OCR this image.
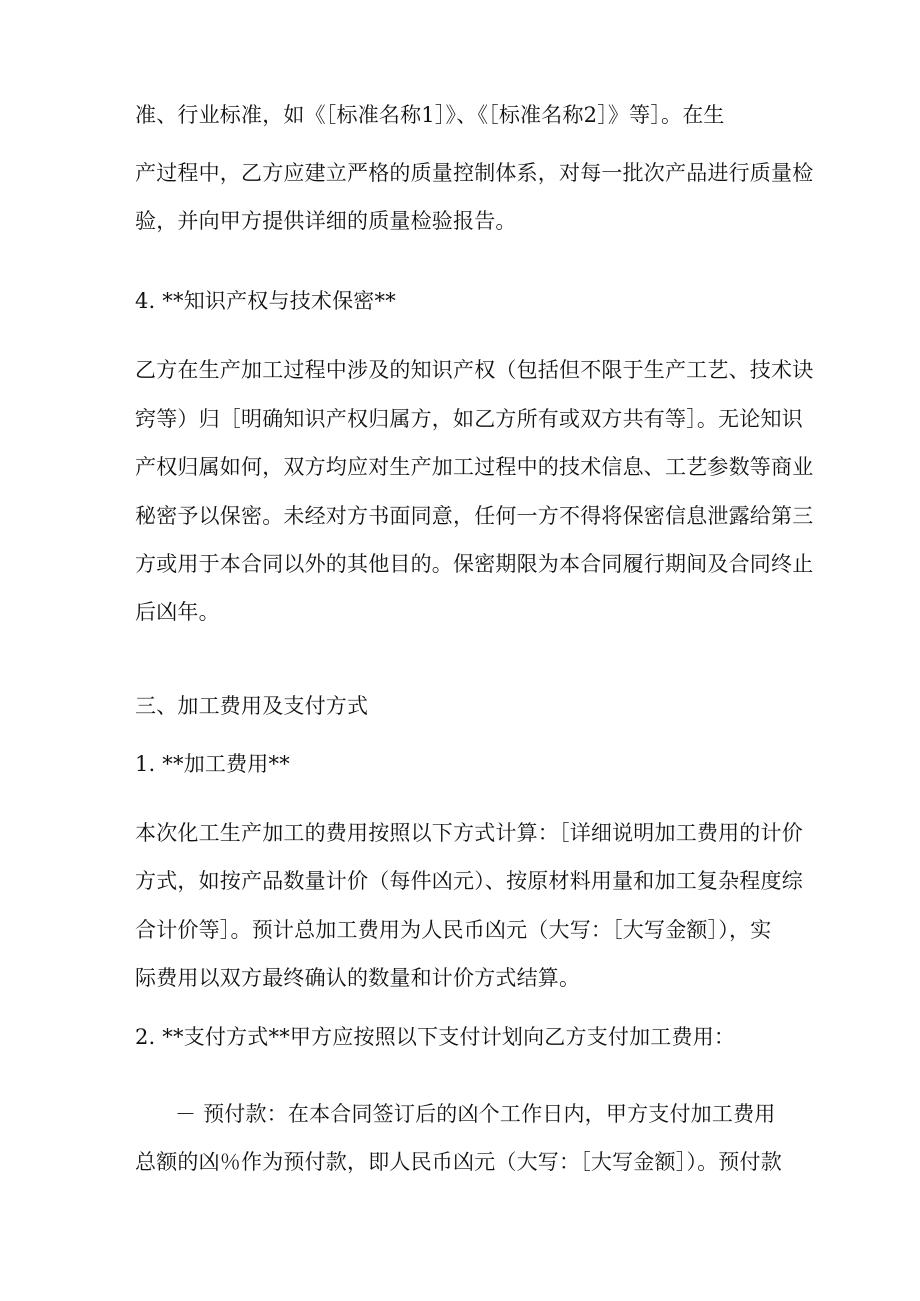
准、行业标准，如《［标准名称1］》、《［标准名称2］》等］。在生
产过程中，乙方应建立严格的质量控制体系，对每一批次产品进行质量检
验，并向甲方提供详细的质量检验报告。
4. **知识产权与技术保密**
乙方在生产加工过程中涉及的知识产权（包括但不限于生产工艺、技术诀
窍等）归［明确知识产权归属方，如乙方所有或双方共有等］。无论知识
产权归属如何，双方均应对生产加工过程中的技术信息、工艺参数等商业
秘密予以保密。未经对方书面同意，任何一方不得将保密信息泄露给第三
方或用于本合同以外的其他目的。保密期限为本合同履行期间及合同终止
后凶年。
三、加工费用及支付方式
1. **加工费用**
本次化工生产加工的费用按照以下方式计算：［详细说明加工费用的计价
方式，如按产品数量计价（每件凶元）、按原材料用量和加工复杂程度综
合计价等］。预计总加工费用为人民币凶元（大写：［大写金额］），实
际费用以双方最终确认的数量和计价方式结算。
2. **支付方式**甲方应按照以下支付计划向乙方支付加工费用：
－ 预付款：在本合同签订后的凶个工作日内，甲方支付加工费用
总额的凶％作为预付款，即人民币凶元（大写：［大写金额］）。预付款
